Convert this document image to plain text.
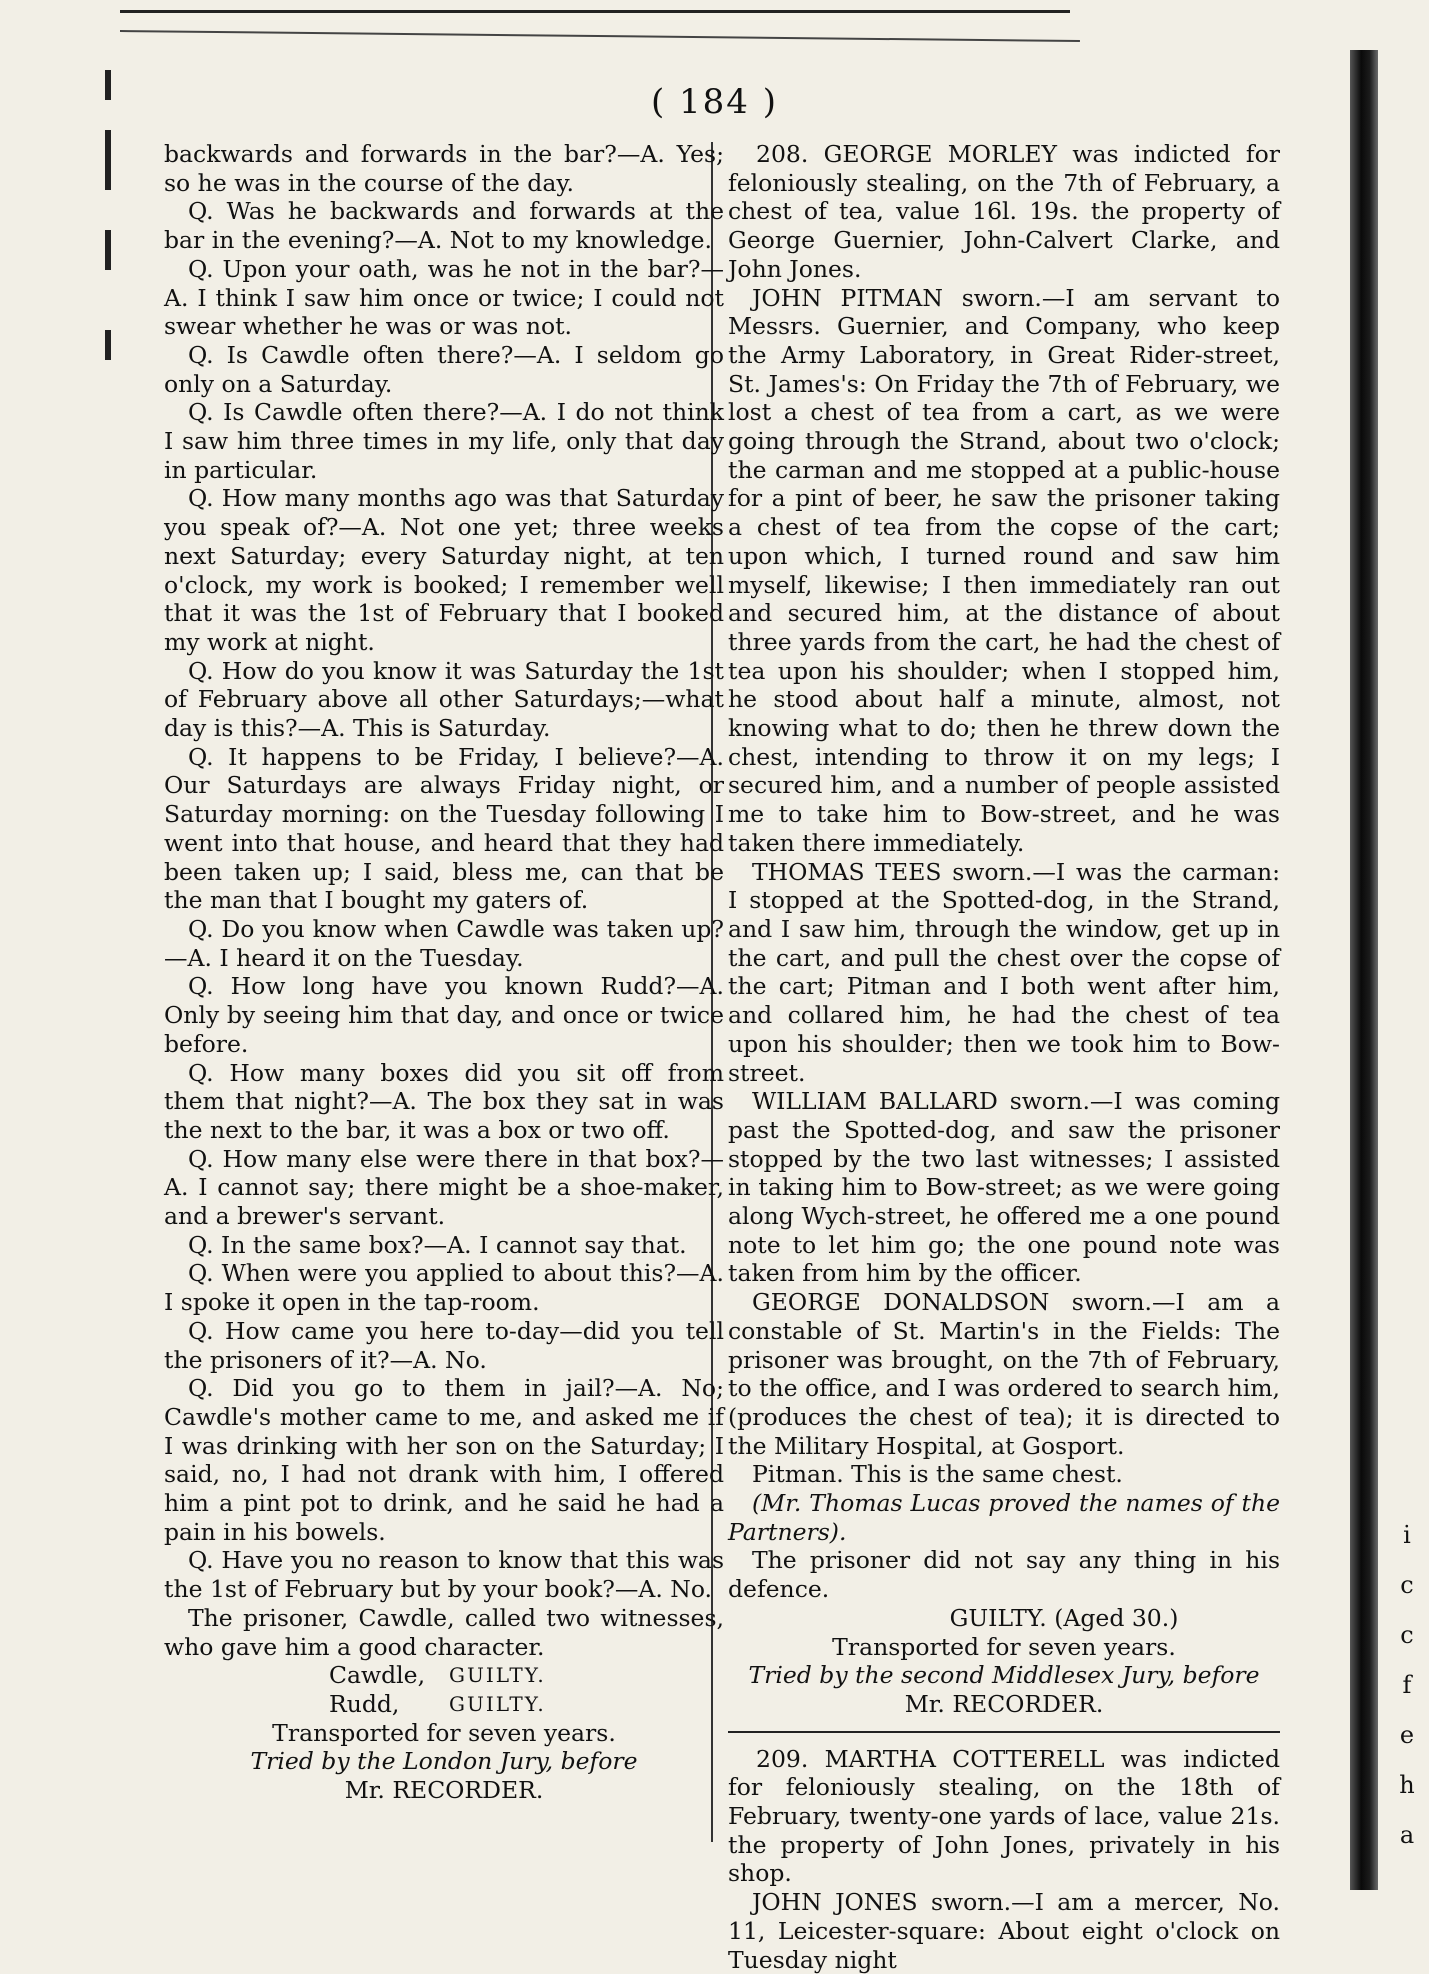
( 184 )

backwards and forwards in the bar?—A. Yes; so he was in the course of the day.

Q. Was he backwards and forwards at the bar in the evening?—A. Not to my knowledge.

Q. Upon your oath, was he not in the bar?—A. I think I saw him once or twice; I could not swear whether he was or was not.

Q. Is Cawdle often there?—A. I seldom go only on a Saturday.

Q. Is Cawdle often there?—A. I do not think I saw him three times in my life, only that day in particular.

Q. How many months ago was that Saturday you speak of?—A. Not one yet; three weeks next Saturday; every Saturday night, at ten o'clock, my work is booked; I remember well that it was the 1st of February that I booked my work at night.

Q. How do you know it was Saturday the 1st of February above all other Saturdays;—what day is this?—A. This is Saturday.

Q. It happens to be Friday, I believe?—A. Our Saturdays are always Friday night, or Saturday morning: on the Tuesday following I went into that house, and heard that they had been taken up; I said, bless me, can that be the man that I bought my gaters of.

Q. Do you know when Cawdle was taken up?—A. I heard it on the Tuesday.

Q. How long have you known Rudd?—A. Only by seeing him that day, and once or twice before.

Q. How many boxes did you sit off from them that night?—A. The box they sat in was the next to the bar, it was a box or two off.

Q. How many else were there in that box?—A. I cannot say; there might be a shoe-maker, and a brewer's servant.

Q. In the same box?—A. I cannot say that.

Q. When were you applied to about this?—A. I spoke it open in the tap-room.

Q. How came you here to-day—did you tell the prisoners of it?—A. No.

Q. Did you go to them in jail?—A. No; Cawdle's mother came to me, and asked me if I was drinking with her son on the Saturday; I said, no, I had not drank with him, I offered him a pint pot to drink, and he said he had a pain in his bowels.

Q. Have you no reason to know that this was the 1st of February but by your book?—A. No.

The prisoner, Cawdle, called two witnesses, who gave him a good character.

Cawdle,	GUILTY.
Rudd,	GUILTY.

Transported for seven years.

Tried by the London Jury, before

Mr. RECORDER.

208. GEORGE MORLEY was indicted for feloniously stealing, on the 7th of February, a chest of tea, value 16l. 19s. the property of George Guernier, John-Calvert Clarke, and John Jones.

JOHN PITMAN sworn.—I am servant to Messrs. Guernier, and Company, who keep the Army Laboratory, in Great Rider-street, St. James's: On Friday the 7th of February, we lost a chest of tea from a cart, as we were going through the Strand, about two o'clock; the carman and me stopped at a public-house for a pint of beer, he saw the prisoner taking a chest of tea from the copse of the cart; upon which, I turned round and saw him myself, likewise; I then immediately ran out and secured him, at the distance of about three yards from the cart, he had the chest of tea upon his shoulder; when I stopped him, he stood about half a minute, almost, not knowing what to do; then he threw down the chest, intending to throw it on my legs; I secured him, and a number of people assisted me to take him to Bow-street, and he was taken there immediately.

THOMAS TEES sworn.—I was the carman: I stopped at the Spotted-dog, in the Strand, and I saw him, through the window, get up in the cart, and pull the chest over the copse of the cart; Pitman and I both went after him, and collared him, he had the chest of tea upon his shoulder; then we took him to Bow-street.

WILLIAM BALLARD sworn.—I was coming past the Spotted-dog, and saw the prisoner stopped by the two last witnesses; I assisted in taking him to Bow-street; as we were going along Wych-street, he offered me a one pound note to let him go; the one pound note was taken from him by the officer.

GEORGE DONALDSON sworn.—I am a constable of St. Martin's in the Fields: The prisoner was brought, on the 7th of February, to the office, and I was ordered to search him, (produces the chest of tea); it is directed to the Military Hospital, at Gosport.

Pitman. This is the same chest.

(Mr. Thomas Lucas proved the names of the Partners).

The prisoner did not say any thing in his defence.

GUILTY. (Aged 30.)

Transported for seven years.

Tried by the second Middlesex Jury, before

Mr. RECORDER.

209. MARTHA COTTERELL was indicted for feloniously stealing, on the 18th of February, twenty-one yards of lace, value 21s. the property of John Jones, privately in his shop.

JOHN JONES sworn.—I am a mercer, No. 11, Leicester-square: About eight o'clock on Tuesday night

i
c
c
f
e
h
a
